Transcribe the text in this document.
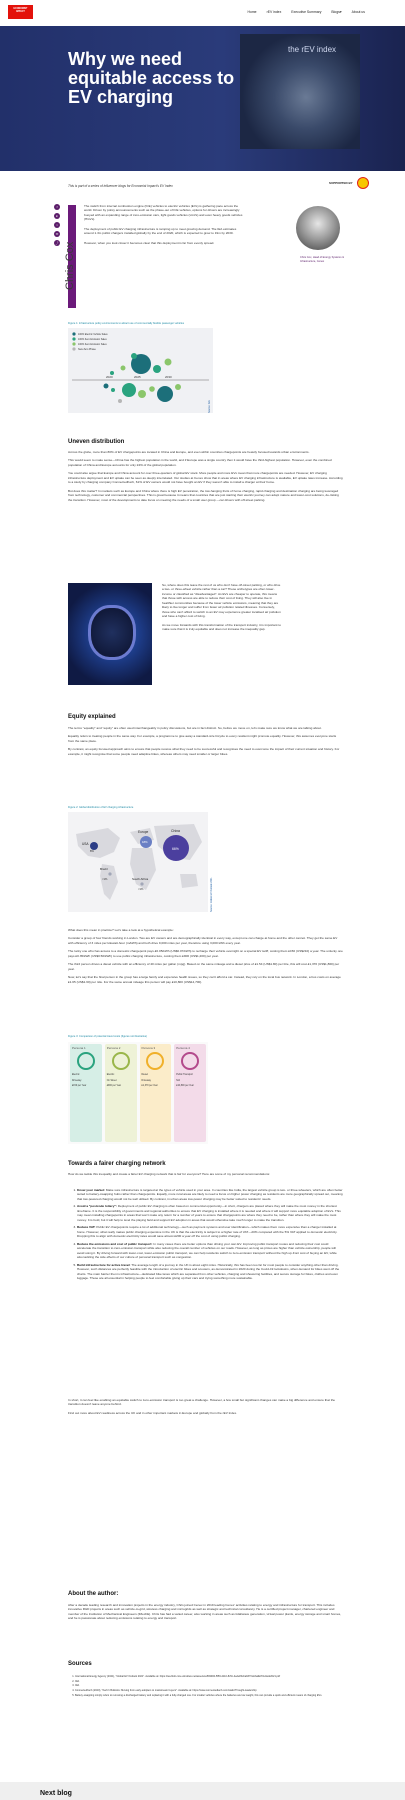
ECONOMIST
IMPACT	Home	rEV index	Executive Summary	Blogs▾	About us
the rEV index
Why we need equitable access to EV charging
This is part of a series of influencer blogs for Economist Impact's EV Index
SUPPORTED BY
f
in
t
✉
⤴ Chris Cox

The switch from internal combustion engine (ICE) vehicles to electric vehicles (EVs) is gathering pace across the world. Driven by policy announcements such as the phase-out of ICE vehicles, options for drivers are increasingly buoyed with an expanding range of zero-emission cars, light goods vehicles (LGVs) and even heavy goods vehicles (HGVs).

The deployment of public EV charging infrastructure is ramping up to meet growing demand. The IEA estimates around 1.3m public chargers installed globally by the end of 2020, which is expected to grow to 19m by 2030.

However, when you look closer it becomes clear that this deployment is far from evenly spread.

Chris Cox, Head of Energy Systems & Infrastructure, Cenex
Figure 1: Infrastructure policy environments to attract use of commercially flexible passenger vehicles
100% Electric Vehicle Sales
100% Zero Emission Sales
100% Zero Emission Sales
New Zero Phase
2020	2025	2030
Source: IEA
Uneven distribution

Across the globe, more than 80% of EV chargepoints are located in China and Europe, and even within countries chargepoints are heavily focused towards urban environments.

This would seem to make sense—China has the highest population in the world, and if Europe was a single country then it would have the third-highest population. However, even the combined population of China and Europe accounts for only 24% of the global population.

You could also argue that Europe and China account for over three-quarters of global EV stock. More people and more EVs mean that more chargepoints are needed. However, EV charging infrastructure deployment and EV uptake can be seen as deeply interrelated. Our studies at Cenex show that in areas where EV charging infrastructure is available, EV uptake rates increase. According to a study by charging company ConnectedKerb, 61% of EV owners would not have bought an EV if they weren't able to install a charger at their home.

But does this matter? In markets such as Europe and China where there is high EV penetration, the low-hanging fruits of home charging, rapid charging and destination charging are being leveraged from technology, customer and commercial perspectives. This is great because it means that countries that are just starting their electric journey can adopt mature and lower-cost solutions, de-risking the transition. However, most of the developments to date focus on meeting the needs of a small user group —car drivers with off-street parking.

So, where does this leave the rest of us who don't have off-street parking, or who drive a two- or three-wheel vehicle rather than a car? These archetypes are often lower-income or classified as "disadvantaged". As EVs are cheaper to operate, this means that those with access are able to reduce their cost of living. They will also live in healthier communities because of the lower vehicle emissions, meaning that they are likely to live longer and suffer from fewer air pollution related illnesses. Conversely, those who can't afford to switch to an EV may experience greater localised air pollution and have a higher cost of living.

As we move forwards with this transformation of the transport industry, it is important to make sure that it is truly equitable and does not increase the inequality gap.

Equity explained

The terms "equality" and "equity" are often used interchangeably in policy discussions, but are in fact distinct. So, before we move on, let's make sure we know what we are talking about.

Equality refers to treating people in the same way. For example, a programme to give away a standard-size bicycle to every resident might promote equality. However, this assumes everyone starts from the same place.

By contrast, an equity focused approach aims to ensure that people receive what they need to be successful and recognises the need to overcome the impact of their current situation and history. For example, it might recognise that some people need adaptive bikes, whereas others may need smaller or larger bikes.

Figure 2: Global distribution of EV charging infrastructure
China
66%
Europe
18%
USA
8%
Brazil
<1%	South Africa
<1%	Source: Global EV Outlook 2021

What does this mean in practice? Let's take a look at a hypothetical example:

Consider a group of four friends working in London. Two are EV owners and are demographically identical in every way, except one can charge at home and the other cannot. They get the same EV with efficiency of 3 miles per kilowatt-hour (m/kWh) and both drive 9,000 miles per year, therefore using 3,000 kWh every year.

The lucky one who has access to a domestic chargepoint pays £0.05/kWh (US$0.07/kWh) to recharge their vehicle overnight on a special EV tariff, costing them £150 (US$210) a year. The unlucky one pays £0.35/kWh (US$0.50/kWh) to use public charging infrastructure, costing them £900 (US$1,200) per year.

The third person drives a diesel vehicle with an efficiency of 40 miles per gallon (mpg). Based on the same mileage and a diesel price of £1.54 (US$1.80) per litre, this will cost £1,370 (US$1,860) per year.

Now, let's say that the final person in the group has a large family and expensive health issues, so they can't afford a car. Instead, they rely on the local bus network. In London, a bus costs on average £1.65 (US$1.60) per ride. For the same annual mileage this person will pay £10,800 (US$14,700).

Figure 3: Comparison of potential travel costs (figures not illustrative)
Persona 1
Electric
Driveway
£150 per Year
Persona 2
Electric
On Street
£900 per Year
Persona 3
Diesel
Driveway
£1,370 per Year
Persona 4
Public Transport
N/A
£10,800 per Year
Towards a fairer charging network

How do we tackle this inequality and create a fairer EV charging network that is fair for everyone? Here are some of my personal recommendations:

1. Know your market: Make sure infrastructure is targeted at the types of vehicle used in your area. In countries like India, the largest vehicle group is two- or three-wheelers, which are often better suited to battery-swapping hubs rather than chargepoints. Equally, more rural areas are likely to need a focus on higher power charging as residents are more geographically spread out, meaning that low-powered charging would not be well utilised. By contrast, in urban areas low-power charging may be better suited to residents' needs.
2. Avoid a "postcode lottery": Deployment of public EV charging is often based on commercial opportunity—in short, chargers are placed where they will make the most money in the shortest timeframe. It is the responsibility of governments and regional authorities to ensure that EV charging is installed where it is needed and where it will support more equitable adoption of EVs. This may mean installing chargepoints in areas that won't make any return for a number of years to ensure that chargepoints are where they need to be, rather than where they will make the most money. It is bold, but it will help to level the playing field and support EV adoption in areas that would otherwise take much longer to make the transition.
3. Reduce VAT: Public EV chargepoints require a lot of additional technology—such as payment systems and user identification—which makes them more expensive than a charger installed at home. However, what really makes public charging expensive in the UK is that the electricity is subject to a higher rate of VAT—20% compared with the 5% VAT applied to domestic electricity. Dropping this to align with domestic electricity rates would save almost £200 a year off the cost of using public charging.
4. Reduce the emissions and cost of public transport: In many cases there are better options than driving your own EV. Improving public transport routes and reducing their cost could accelerate the transition to zero-emission transport while also reducing the overall number of vehicles on our roads. However, as long as prices are higher than vehicle ownership, people will avoid using it. By driving forward with lower-cost, lower-emission public transport, we can help residents switch to zero-emission transport without the high up-front cost of buying an EV, while also tackling the side effects of our culture of personal transport such as congestion.
5. Build infrastructure for active travel: The average length of a journey in the UK is about eight miles. Historically, this has been too far for most people to consider anything other than driving. However, such distances are perfectly feasible with the introduction of electric bikes and scooters, as demonstrated in 2020 during the Covid-19 lockdowns, when demand for bikes went off the charts. The main barrier then is infrastructure—dedicated bike lanes which are separated from other vehicles, charging and showering facilities, and secure storage for bikes, clothes and even luggage. These are all essential in helping people to feel comfortable giving up their cars and trying something more sustainable.

In short, it can feel like enabling an equitable switch to zero-emission transport is too great a challenge. However, a few small but significant changes can make a big difference and ensure that the transition doesn't leave anyone behind.

Find out more about EV readiness across the UK and in other important markets in Europe and globally from the rEV Index.

About the author:

After a decade leading research and innovation projects in the energy industry, Chris joined Cenex in 2019 leading Cenex' activities relating to energy and infrastructure for transport. This includes innovative R&D projects in areas such as vehicle-to-grid, wireless charging and microgrids as well as strategic and technical consultancy. He is a certified project manager, chartered engineer and member of the Institution of Mechanical Engineers (IMechE). Chris has had a varied career, also working in areas such as tidal/wave generation, virtual power plants, energy storage and smart homes, and he is passionate about reducing emissions relating to energy and transport.

Sources
1. International Energy Agency (2021), "Global EV Outlook 2021". Available at: https://iea.blob.core.windows.net/assets/ed5f4484-f556-4110-8c5c-4ede8bcba637/GlobalEVOutlook2021.pdf
2. Ibid.
3. Ibid.
4. ConnectedKerb (2020), "Kerb'n Bollocks: Moving from early adopters to mainstream buyers". Available at: https://www.connectedkerb.com/static/Thought-leadership
5. Battery-swapping simply refers to removing a discharged battery and replacing it with a fully-charged one. For smaller vehicles where the batteries are low weight, this can provide a quick and efficient means of charging EVs.
Next blog
